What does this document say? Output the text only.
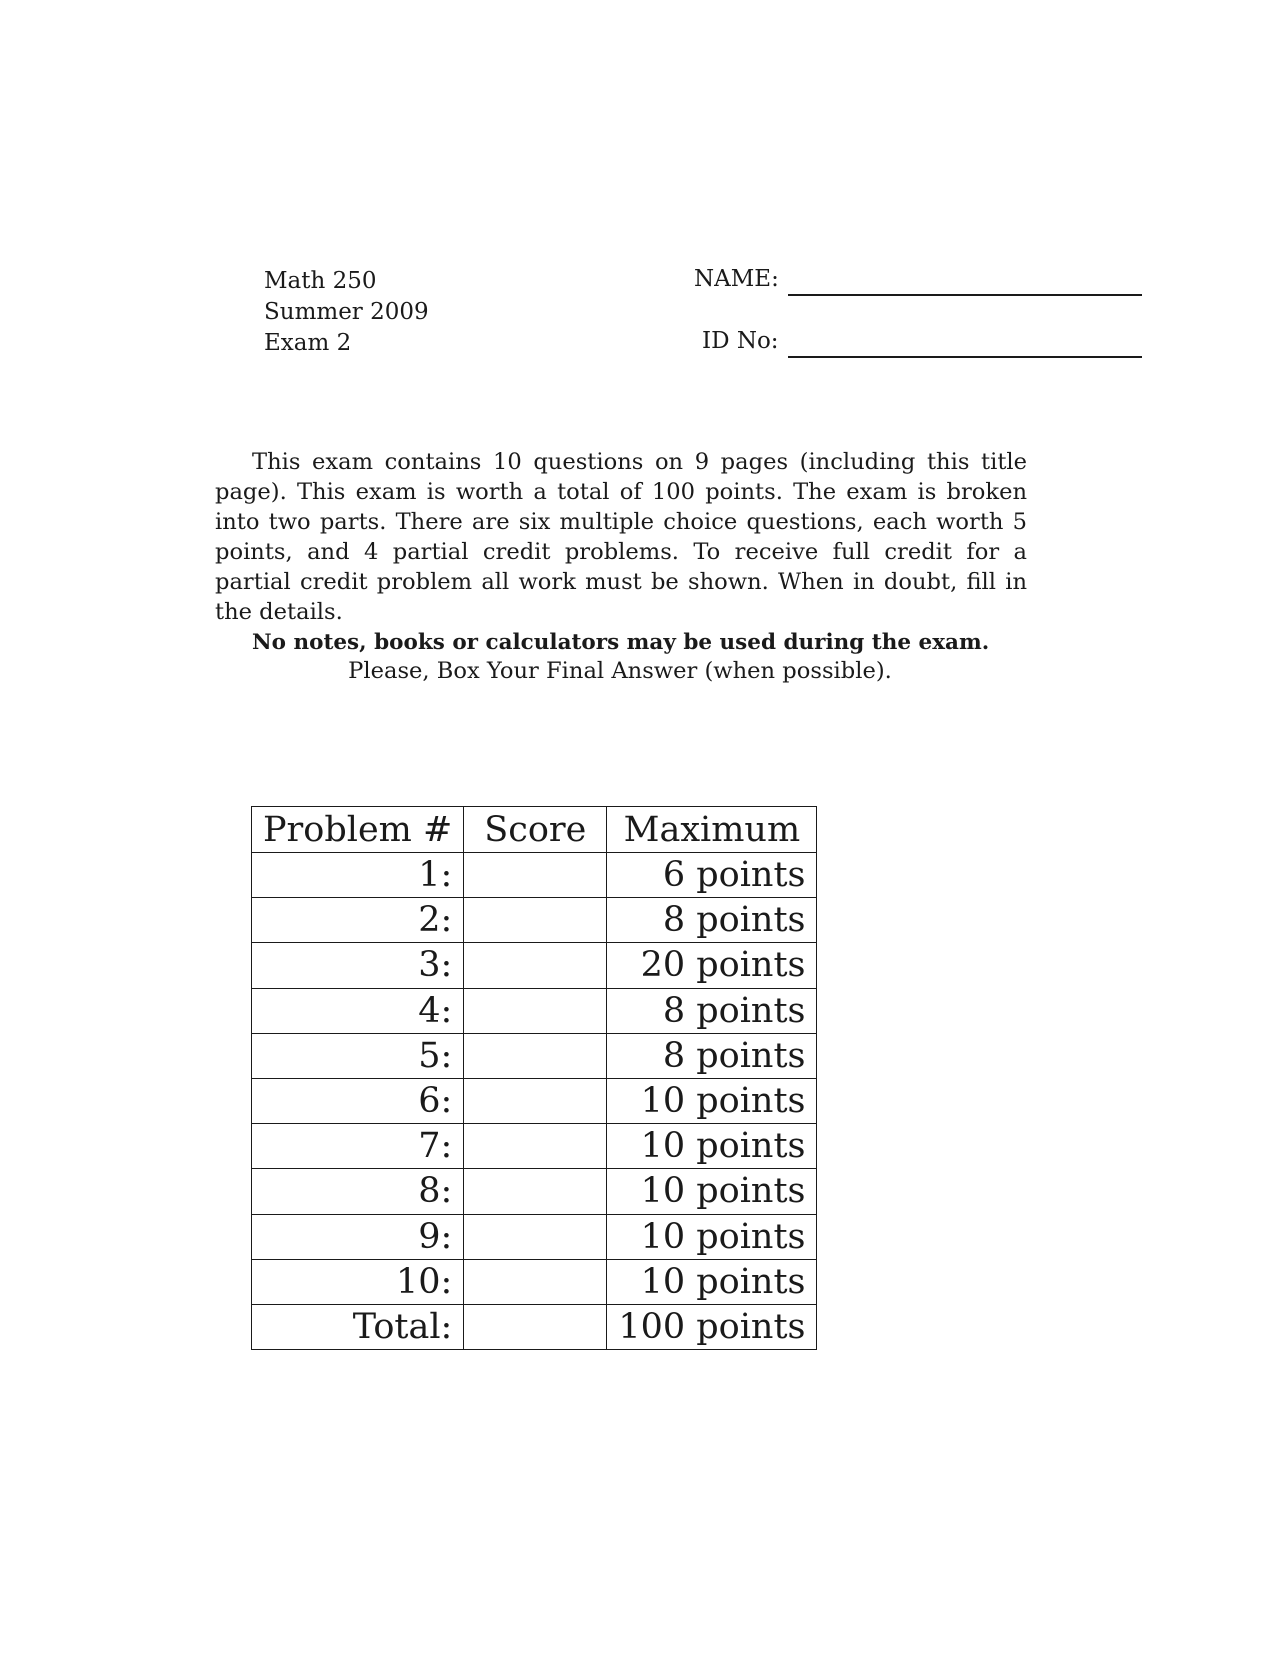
Math 250
Summer 2009
Exam 2
NAME:
ID No:

This exam contains 10 questions on 9 pages (including this title page). This exam is worth a total of 100 points. The exam is broken into two parts. There are six multiple choice questions, each worth 5 points, and 4 partial credit problems. To receive full credit for a partial credit problem all work must be shown. When in doubt, fill in the details.

No notes, books or calculators may be used during the exam.

Please, Box Your Final Answer (when possible).
Problem #	Score	Maximum
1:		6 points
2:		8 points
3:		20 points
4:		8 points
5:		8 points
6:		10 points
7:		10 points
8:		10 points
9:		10 points
10:		10 points
Total:		100 points
